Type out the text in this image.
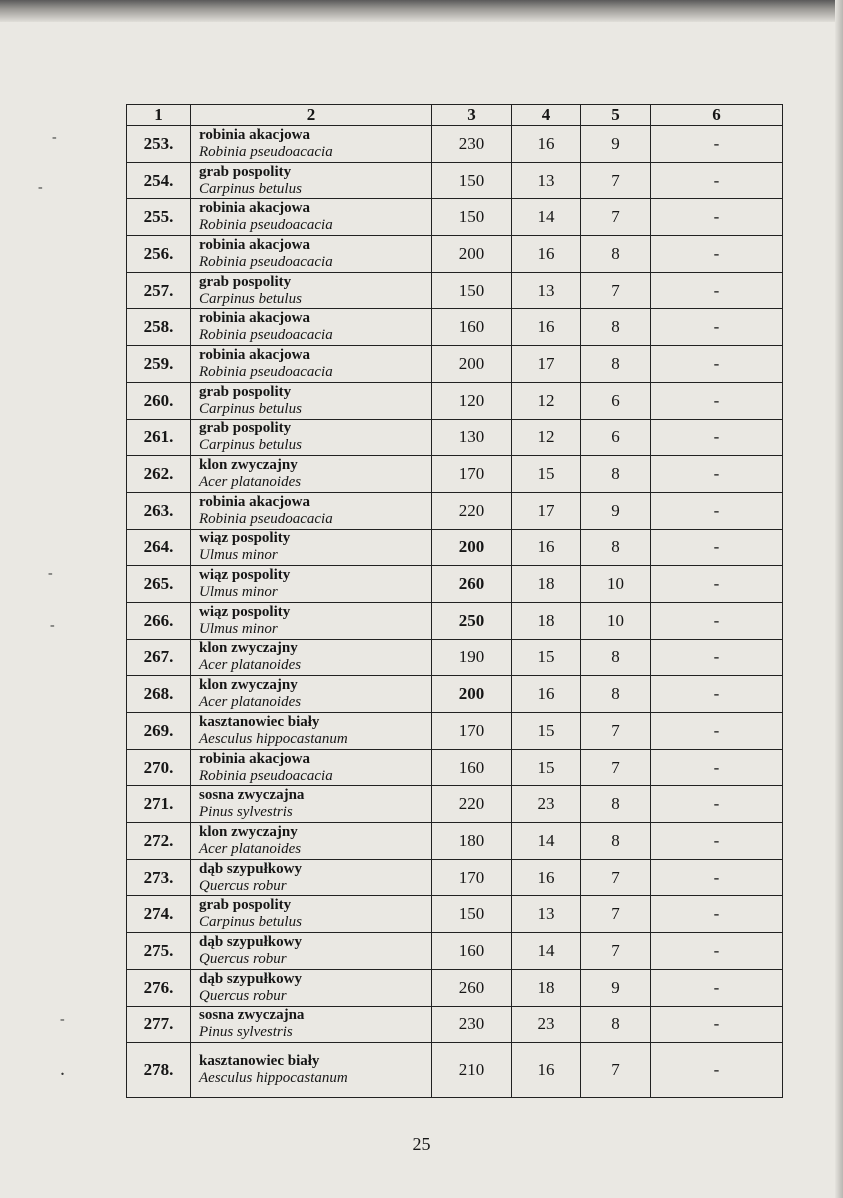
-
-
-
-
-
.
1	2	3	4	5	6
253.	robinia akacjowa
Robinia pseudoacacia	230	16	9	-
254.	grab pospolity
Carpinus betulus	150	13	7	-
255.	robinia akacjowa
Robinia pseudoacacia	150	14	7	-
256.	robinia akacjowa
Robinia pseudoacacia	200	16	8	-
257.	grab pospolity
Carpinus betulus	150	13	7	-
258.	robinia akacjowa
Robinia pseudoacacia	160	16	8	-
259.	robinia akacjowa
Robinia pseudoacacia	200	17	8	-
260.	grab pospolity
Carpinus betulus	120	12	6	-
261.	grab pospolity
Carpinus betulus	130	12	6	-
262.	klon zwyczajny
Acer platanoides	170	15	8	-
263.	robinia akacjowa
Robinia pseudoacacia	220	17	9	-
264.	wiąz pospolity
Ulmus minor	200	16	8	-
265.	wiąz pospolity
Ulmus minor	260	18	10	-
266.	wiąz pospolity
Ulmus minor	250	18	10	-
267.	klon zwyczajny
Acer platanoides	190	15	8	-
268.	klon zwyczajny
Acer platanoides	200	16	8	-
269.	kasztanowiec biały
Aesculus hippocastanum	170	15	7	-
270.	robinia akacjowa
Robinia pseudoacacia	160	15	7	-
271.	sosna zwyczajna
Pinus sylvestris	220	23	8	-
272.	klon zwyczajny
Acer platanoides	180	14	8	-
273.	dąb szypułkowy
Quercus robur	170	16	7	-
274.	grab pospolity
Carpinus betulus	150	13	7	-
275.	dąb szypułkowy
Quercus robur	160	14	7	-
276.	dąb szypułkowy
Quercus robur	260	18	9	-
277.	sosna zwyczajna
Pinus sylvestris	230	23	8	-
278.	kasztanowiec biały
Aesculus hippocastanum	210	16	7	-
25
